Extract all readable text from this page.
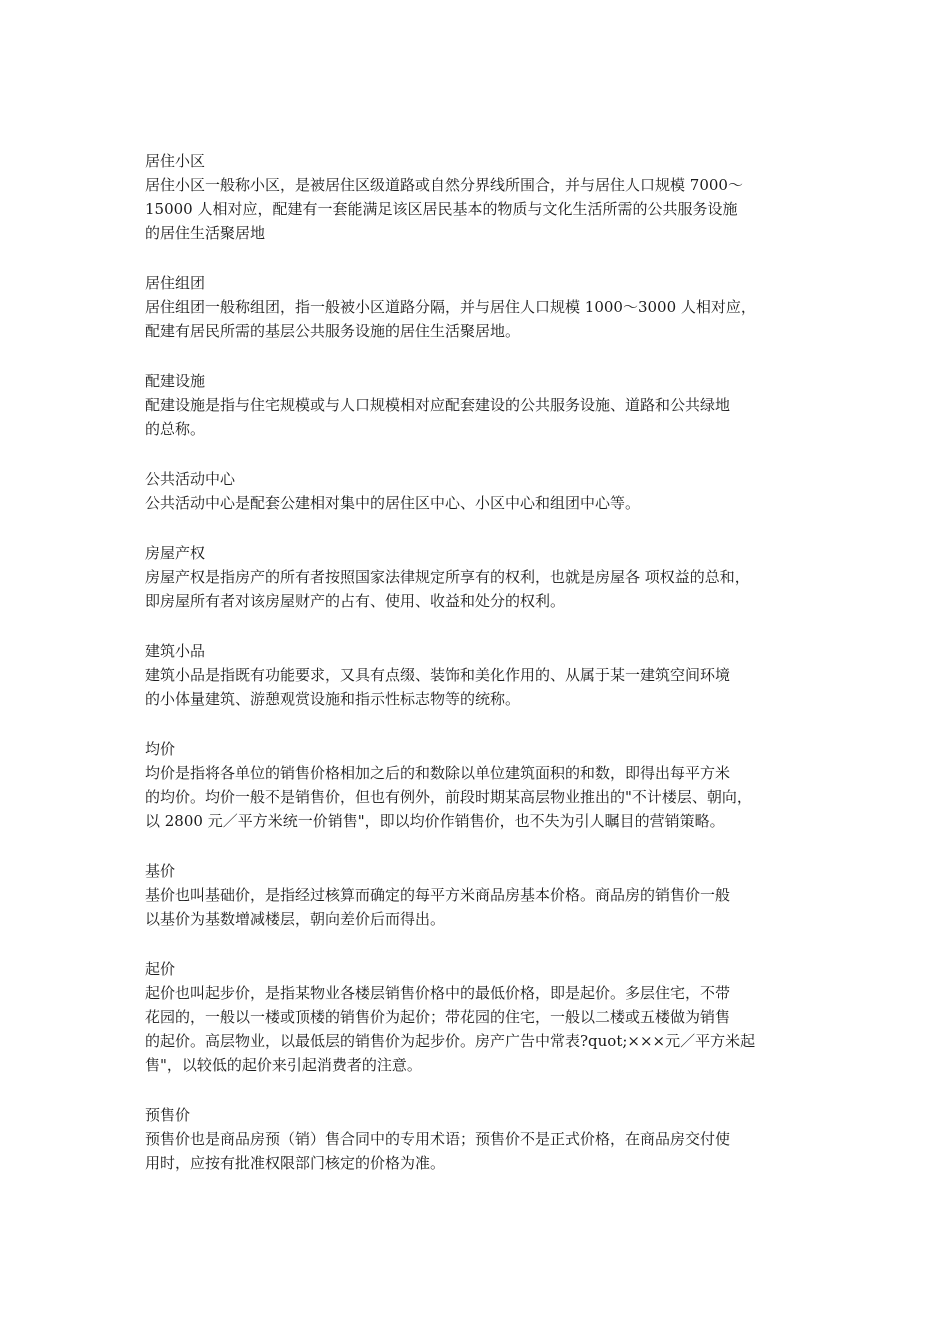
居住小区
居住小区一般称小区，是被居住区级道路或自然分界线所围合，并与居住人口规模 7000～
15000 人相对应，配建有一套能满足该区居民基本的物质与文化生活所需的公共服务设施
的居住生活聚居地
居住组团
居住组团一般称组团，指一般被小区道路分隔，并与居住人口规模 1000～3000 人相对应，
配建有居民所需的基层公共服务设施的居住生活聚居地。
配建设施
配建设施是指与住宅规模或与人口规模相对应配套建设的公共服务设施、道路和公共绿地
的总称。
公共活动中心
公共活动中心是配套公建相对集中的居住区中心、小区中心和组团中心等。
房屋产权
房屋产权是指房产的所有者按照国家法律规定所享有的权利，也就是房屋各 项权益的总和，
即房屋所有者对该房屋财产的占有、使用、收益和处分的权利。
建筑小品
建筑小品是指既有功能要求，又具有点缀、装饰和美化作用的、从属于某一建筑空间环境
的小体量建筑、游憩观赏设施和指示性标志物等的统称。
均价
均价是指将各单位的销售价格相加之后的和数除以单位建筑面积的和数，即得出每平方米
的均价。均价一般不是销售价，但也有例外，前段时期某高层物业推出的"不计楼层、朝向，
以 2800 元／平方米统一价销售"，即以均价作销售价，也不失为引人瞩目的营销策略。
基价
基价也叫基础价，是指经过核算而确定的每平方米商品房基本价格。商品房的销售价一般
以基价为基数增减楼层，朝向差价后而得出。
起价
起价也叫起步价，是指某物业各楼层销售价格中的最低价格，即是起价。多层住宅，不带
花园的，一般以一楼或顶楼的销售价为起价；带花园的住宅，一般以二楼或五楼做为销售
的起价。高层物业，以最低层的销售价为起步价。房产广告中常表?quot;×××元／平方米起
售"，以较低的起价来引起消费者的注意。
预售价
预售价也是商品房预（销）售合同中的专用术语；预售价不是正式价格，在商品房交付使
用时，应按有批准权限部门核定的价格为准。
